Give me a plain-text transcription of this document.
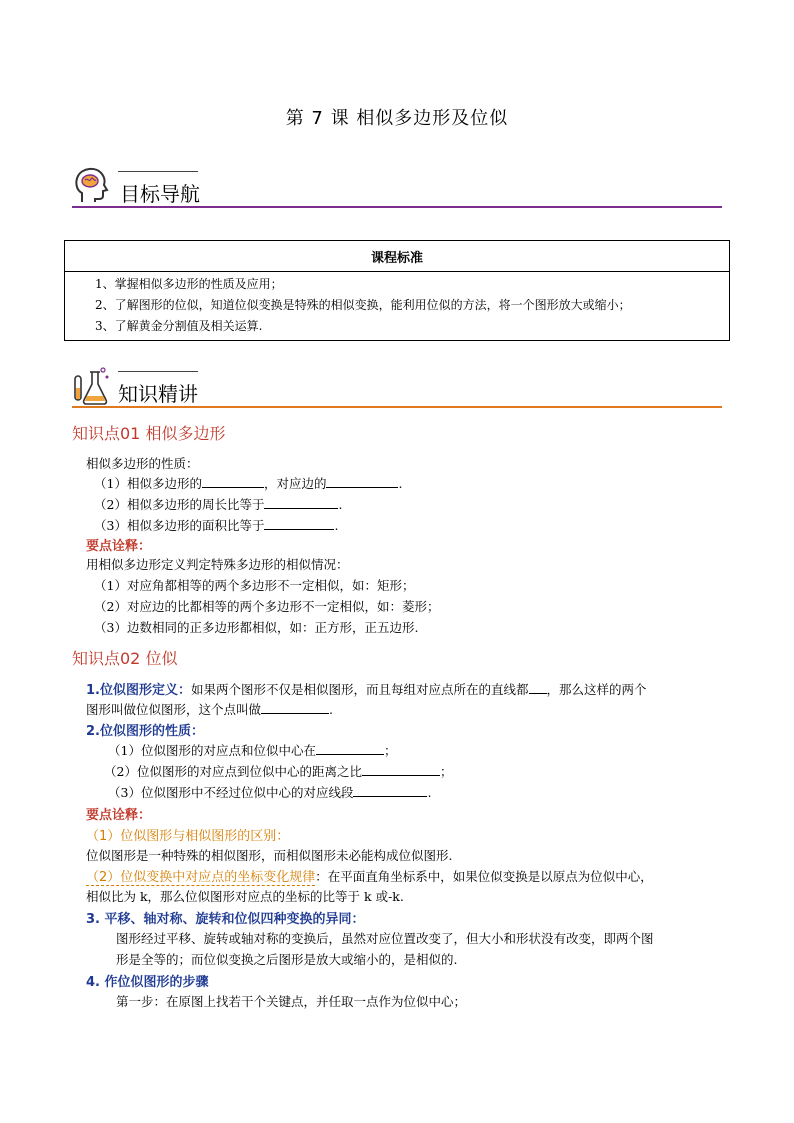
第 7 课 相似多边形及位似
目标导航
课程标准

1、掌握相似多边形的性质及应用；
2、了解图形的位似，知道位似变换是特殊的相似变换，能利用位似的方法，将一个图形放大或缩小；
3、了解黄金分割值及相关运算.
知识精讲
知识点01 相似多边形
相似多边形的性质：
（1）相似多边形的	，对应边的	.
（2）相似多边形的周长比等于	.
（3）相似多边形的面积比等于	.
要点诠释：
用相似多边形定义判定特殊多边形的相似情况：
（1）对应角都相等的两个多边形不一定相似，如：矩形；
（2）对应边的比都相等的两个多边形不一定相似，如：菱形；
（3）边数相同的正多边形都相似，如：正方形，正五边形.
知识点02 位似
1.位似图形定义：如果两个图形不仅是相似图形，而且每组对应点所在的直线都 ，那么这样的两个
图形叫做位似图形，这个点叫做	.
2.位似图形的性质：
（1）位似图形的对应点和位似中心在	；
（2）位似图形的对应点到位似中心的距离之比	；
（3）位似图形中不经过位似中心的对应线段	.
要点诠释：
（1）位似图形与相似图形的区别：
位似图形是一种特殊的相似图形，而相似图形未必能构成位似图形.
（2）位似变换中对应点的坐标变化规律：在平面直角坐标系中，如果位似变换是以原点为位似中心，
相似比为 k，那么位似图形对应点的坐标的比等于 k 或-k.
3. 平移、轴对称、旋转和位似四种变换的异同：
图形经过平移、旋转或轴对称的变换后，虽然对应位置改变了，但大小和形状没有改变，即两个图
形是全等的；而位似变换之后图形是放大或缩小的，是相似的.
4. 作位似图形的步骤
第一步：在原图上找若干个关键点，并任取一点作为位似中心；
